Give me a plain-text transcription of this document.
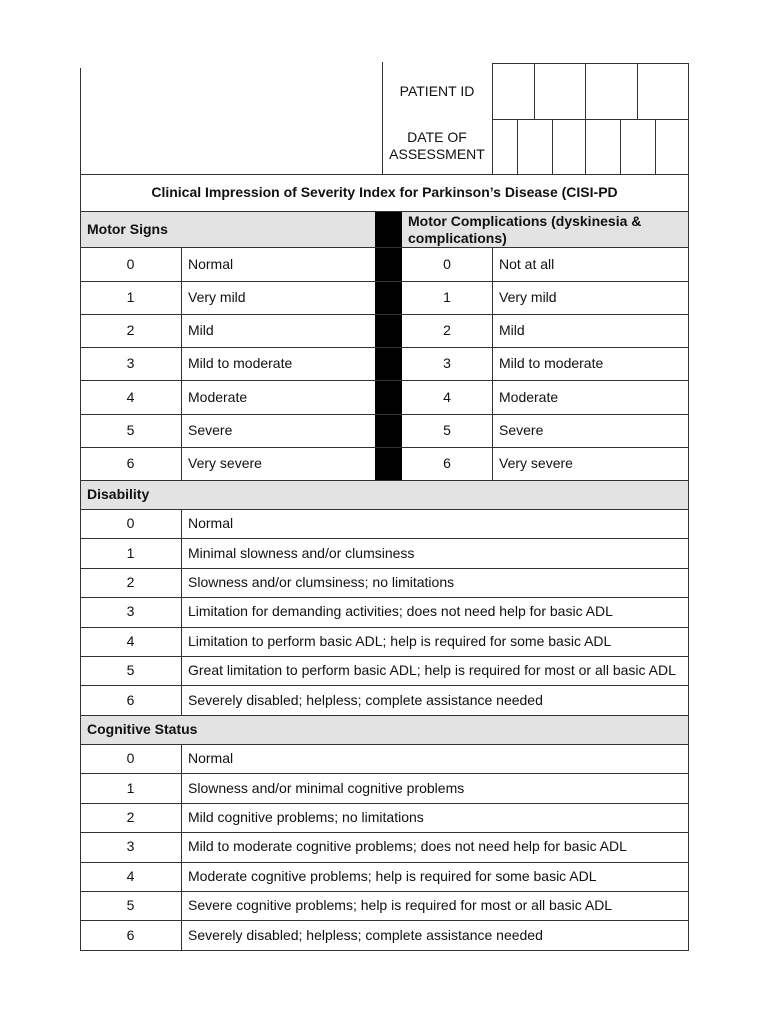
PATIENT ID
DATE OF
ASSESSMENT
Clinical Impression of Severity Index for Parkinson’s Disease (CISI-PD
Motor Signs	Motor Complications (dyskinesia &
complications)
0	Normal	0	Not at all
1	Very mild	1	Very mild
2	Mild	2	Mild
3	Mild to moderate	3	Mild to moderate
4	Moderate	4	Moderate
5	Severe	5	Severe
6	Very severe	6	Very severe
Disability
0	Normal
1	Minimal slowness and/or clumsiness
2	Slowness and/or clumsiness; no limitations
3	Limitation for demanding activities; does not need help for basic ADL
4	Limitation to perform basic ADL; help is required for some basic ADL
5	Great limitation to perform basic ADL; help is required for most or all basic ADL
6	Severely disabled; helpless; complete assistance needed
Cognitive Status
0	Normal
1	Slowness and/or minimal cognitive problems
2	Mild cognitive problems; no limitations
3	Mild to moderate cognitive problems; does not need help for basic ADL
4	Moderate cognitive problems; help is required for some basic ADL
5	Severe cognitive problems; help is required for most or all basic ADL
6	Severely disabled; helpless; complete assistance needed
